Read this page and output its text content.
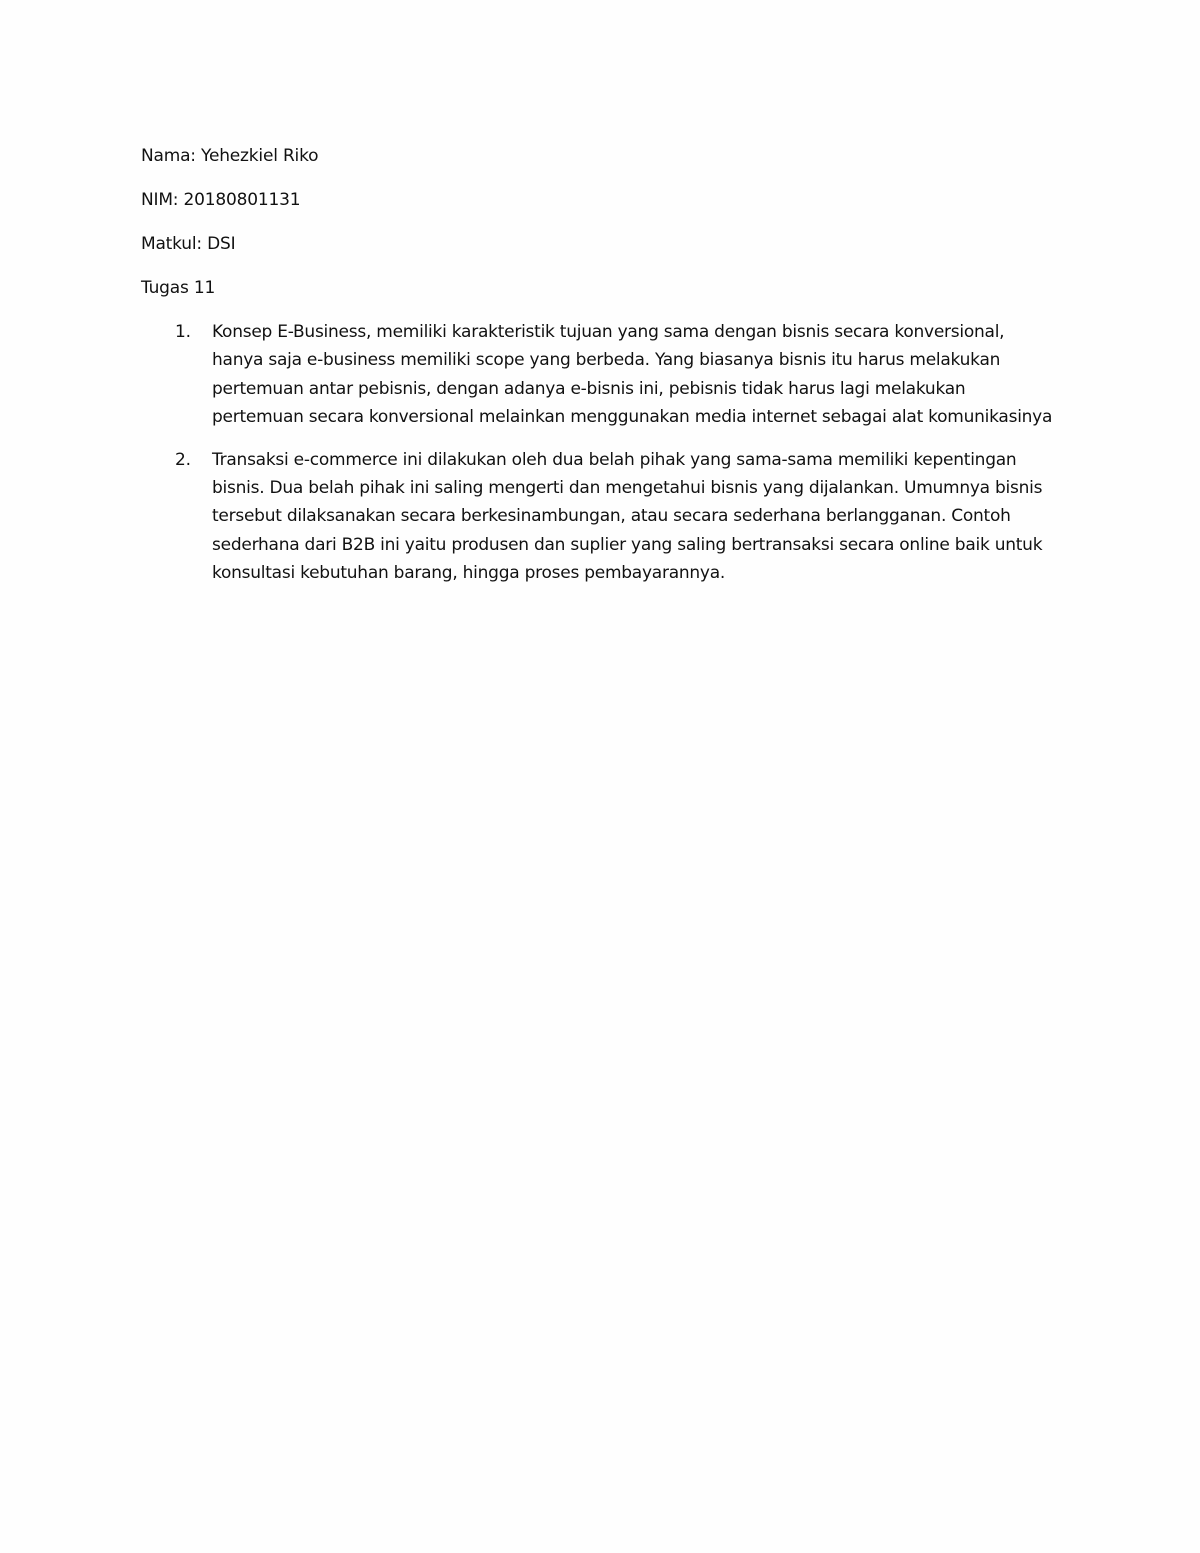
Nama: Yehezkiel Riko
NIM: 20180801131
Matkul: DSI
Tugas 11
1. Konsep E-Business, memiliki karakteristik tujuan yang sama dengan bisnis secara konversional, hanya saja e-business memiliki scope yang berbeda. Yang biasanya bisnis itu harus melakukan pertemuan antar pebisnis, dengan adanya e-bisnis ini, pebisnis tidak harus lagi melakukan pertemuan secara konversional melainkan menggunakan media internet sebagai alat komunikasinya
2. Transaksi e-commerce ini dilakukan oleh dua belah pihak yang sama-sama memiliki kepentingan bisnis. Dua belah pihak ini saling mengerti dan mengetahui bisnis yang dijalankan. Umumnya bisnis tersebut dilaksanakan secara berkesinambungan, atau secara sederhana berlangganan. Contoh sederhana dari B2B ini yaitu produsen dan suplier yang saling bertransaksi secara online baik untuk konsultasi kebutuhan barang, hingga proses pembayarannya.
